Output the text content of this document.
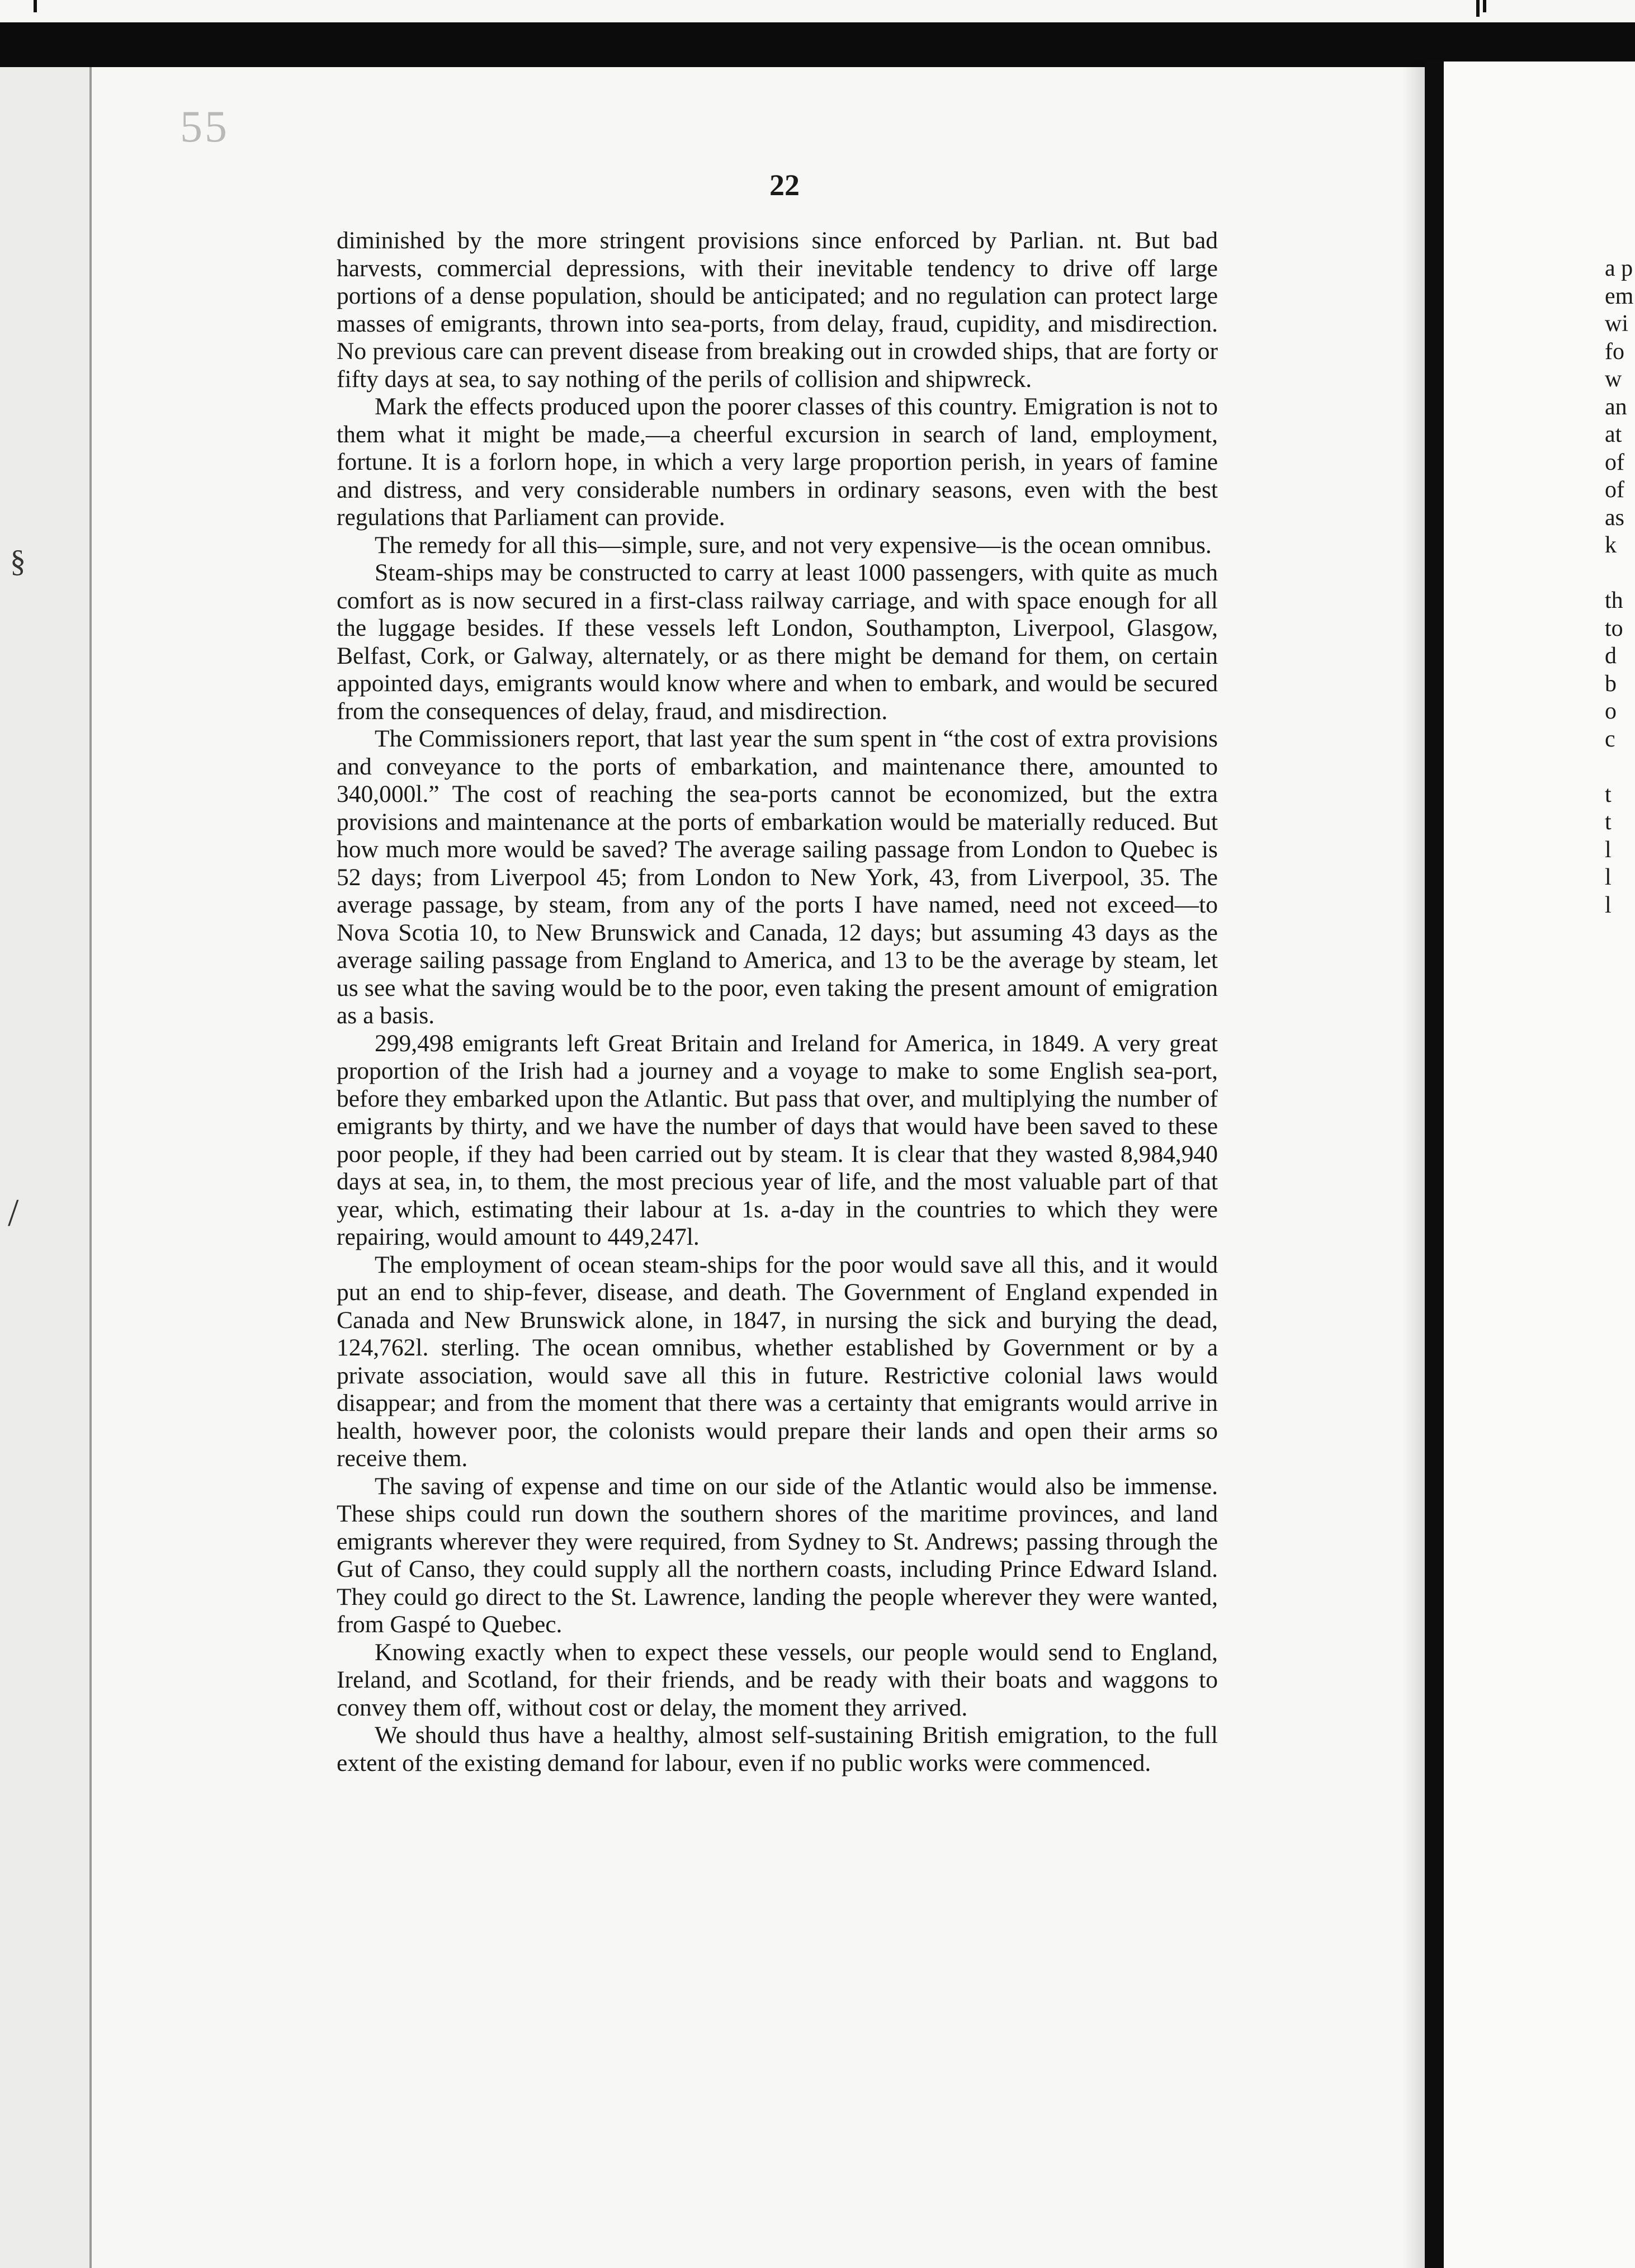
§
/
55
22

diminished by the more stringent provisions since enforced by Parlian. nt. But bad harvests, commercial depressions, with their inevitable tendency to drive off large portions of a dense population, should be anticipated; and no regulation can protect large masses of emigrants, thrown into sea-ports, from delay, fraud, cupidity, and misdirection. No previous care can prevent disease from breaking out in crowded ships, that are forty or fifty days at sea, to say nothing of the perils of collision and shipwreck.

Mark the effects produced upon the poorer classes of this country. Emigration is not to them what it might be made,—a cheerful excursion in search of land, employment, fortune. It is a forlorn hope, in which a very large proportion perish, in years of famine and distress, and very considerable numbers in ordinary seasons, even with the best regulations that Parliament can provide.

The remedy for all this—simple, sure, and not very expensive—is the ocean omnibus.

Steam-ships may be constructed to carry at least 1000 passengers, with quite as much comfort as is now secured in a first-class railway carriage, and with space enough for all the luggage besides. If these vessels left London, Southampton, Liverpool, Glasgow, Belfast, Cork, or Galway, alternately, or as there might be demand for them, on certain appointed days, emigrants would know where and when to embark, and would be secured from the consequences of delay, fraud, and misdirection.

The Commissioners report, that last year the sum spent in “the cost of extra provisions and conveyance to the ports of embarkation, and maintenance there, amounted to 340,000l.” The cost of reaching the sea-ports cannot be economized, but the extra provisions and maintenance at the ports of embarkation would be materially reduced. But how much more would be saved? The average sailing passage from London to Quebec is 52 days; from Liverpool 45; from London to New York, 43, from Liverpool, 35. The average passage, by steam, from any of the ports I have named, need not exceed—to Nova Scotia 10, to New Brunswick and Canada, 12 days; but assuming 43 days as the average sailing passage from England to America, and 13 to be the average by steam, let us see what the saving would be to the poor, even taking the present amount of emigration as a basis.

299,498 emigrants left Great Britain and Ireland for America, in 1849. A very great proportion of the Irish had a journey and a voyage to make to some English sea-port, before they embarked upon the Atlantic. But pass that over, and multiplying the number of emigrants by thirty, and we have the number of days that would have been saved to these poor people, if they had been carried out by steam. It is clear that they wasted 8,984,940 days at sea, in, to them, the most precious year of life, and the most valuable part of that year, which, estimating their labour at 1s. a-day in the countries to which they were repairing, would amount to 449,247l.

The employment of ocean steam-ships for the poor would save all this, and it would put an end to ship-fever, disease, and death. The Government of England expended in Canada and New Brunswick alone, in 1847, in nursing the sick and burying the dead, 124,762l. sterling. The ocean omnibus, whether established by Government or by a private association, would save all this in future. Restrictive colonial laws would disappear; and from the moment that there was a certainty that emigrants would arrive in health, however poor, the colonists would prepare their lands and open their arms so receive them.

The saving of expense and time on our side of the Atlantic would also be immense. These ships could run down the southern shores of the maritime provinces, and land emigrants wherever they were required, from Sydney to St. Andrews; passing through the Gut of Canso, they could supply all the northern coasts, including Prince Edward Island. They could go direct to the St. Lawrence, landing the people wherever they were wanted, from Gaspé to Quebec.

Knowing exactly when to expect these vessels, our people would send to England, Ireland, and Scotland, for their friends, and be ready with their boats and waggons to convey them off, without cost or delay, the moment they arrived.

We should thus have a healthy, almost self-sustaining British emigration, to the full extent of the existing demand for labour, even if no public works were commenced.

a p
em
wi
fo
w
an
at
of
of
as
k
th
to
d
b
o
c
t
t
l
l
l
